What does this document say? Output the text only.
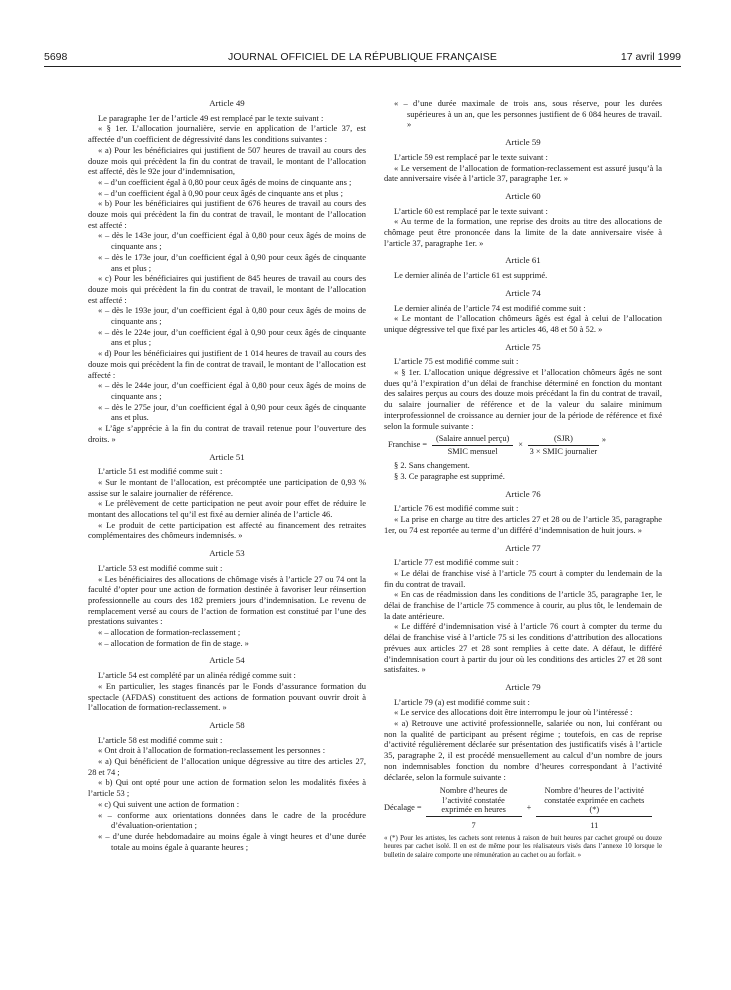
5698	JOURNAL OFFICIEL DE LA RÉPUBLIQUE FRANÇAISE	17 avril 1999
Article 49

Le paragraphe 1er de l’article 49 est remplacé par le texte suivant :

« § 1er. L’allocation journalière, servie en application de l’article 37, est affectée d’un coefficient de dégressivité dans les conditions suivantes :

« a) Pour les bénéficiaires qui justifient de 507 heures de travail au cours des douze mois qui précèdent la fin du contrat de travail, le montant de l’allocation est affecté, dès le 92e jour d’indemnisation,

« – d’un coefficient égal à 0,80 pour ceux âgés de moins de cinquante ans ;

« – d’un coefficient égal à 0,90 pour ceux âgés de cinquante ans et plus ;

« b) Pour les bénéficiaires qui justifient de 676 heures de travail au cours des douze mois qui précèdent la fin du contrat de travail, le montant de l’allocation est affecté :

« – dès le 143e jour, d’un coefficient égal à 0,80 pour ceux âgés de moins de cinquante ans ;

« – dès le 173e jour, d’un coefficient égal à 0,90 pour ceux âgés de cinquante ans et plus ;

« c) Pour les bénéficiaires qui justifient de 845 heures de travail au cours des douze mois qui précèdent la fin du contrat de travail, le montant de l’allocation est affecté :

« – dès le 193e jour, d’un coefficient égal à 0,80 pour ceux âgés de moins de cinquante ans ;

« – dès le 224e jour, d’un coefficient égal à 0,90 pour ceux âgés de cinquante ans et plus ;

« d) Pour les bénéficiaires qui justifient de 1 014 heures de travail au cours des douze mois qui précèdent la fin de contrat de travail, le montant de l’allocation est affecté :

« – dès le 244e jour, d’un coefficient égal à 0,80 pour ceux âgés de moins de cinquante ans ;

« – dès le 275e jour, d’un coefficient égal à 0,90 pour ceux âgés de cinquante ans et plus.

« L’âge s’apprécie à la fin du contrat de travail retenue pour l’ouverture des droits. »

Article 51

L’article 51 est modifié comme suit :

« Sur le montant de l’allocation, est précomptée une participation de 0,93 % assise sur le salaire journalier de référence.

« Le prélèvement de cette participation ne peut avoir pour effet de réduire le montant des allocations tel qu’il est fixé au dernier alinéa de l’article 46.

« Le produit de cette participation est affecté au financement des retraites complémentaires des chômeurs indemnisés. »

Article 53

L’article 53 est modifié comme suit :

« Les bénéficiaires des allocations de chômage visés à l’article 27 ou 74 ont la faculté d’opter pour une action de formation destinée à favoriser leur réinsertion professionnelle au cours des 182 premiers jours d’indemnisation. Le revenu de remplacement versé au cours de l’action de formation est constitué par l’une des prestations suivantes :

« – allocation de formation-reclassement ;

« – allocation de formation de fin de stage. »

Article 54

L’article 54 est complété par un alinéa rédigé comme suit :

« En particulier, les stages financés par le Fonds d’assurance formation du spectacle (AFDAS) constituent des actions de formation pouvant ouvrir droit à l’allocation de formation-reclassement. »

Article 58

L’article 58 est modifié comme suit :

« Ont droit à l’allocation de formation-reclassement les personnes :

« a) Qui bénéficient de l’allocation unique dégressive au titre des articles 27, 28 et 74 ;

« b) Qui ont opté pour une action de formation selon les modalités fixées à l’article 53 ;

« c) Qui suivent une action de formation :

« – conforme aux orientations données dans le cadre de la procédure d’évaluation-orientation ;

« – d’une durée hebdomadaire au moins égale à vingt heures et d’une durée totale au moins égale à quarante heures ;

« – d’une durée maximale de trois ans, sous réserve, pour les durées supérieures à un an, que les personnes justifient de 6 084 heures de travail. »

Article 59

L’article 59 est remplacé par le texte suivant :

« Le versement de l’allocation de formation-reclassement est assuré jusqu’à la date anniversaire visée à l’article 37, paragraphe 1er. »

Article 60

L’article 60 est remplacé par le texte suivant :

« Au terme de la formation, une reprise des droits au titre des allocations de chômage peut être prononcée dans la limite de la date anniversaire visée à l’article 37, paragraphe 1er. »

Article 61

Le dernier alinéa de l’article 61 est supprimé.

Article 74

Le dernier alinéa de l’article 74 est modifié comme suit :

« Le montant de l’allocation chômeurs âgés est égal à celui de l’allocation unique dégressive tel que fixé par les articles 46, 48 et 50 à 52. »

Article 75

L’article 75 est modifié comme suit :

« § 1er. L’allocation unique dégressive et l’allocation chômeurs âgés ne sont dues qu’à l’expiration d’un délai de franchise déterminé en fonction du montant des salaires perçus au cours des douze mois précédant la fin du contrat de travail, du salaire journalier de référence et de la valeur du salaire minimum interprofessionnel de croissance au dernier jour de la période de référence et fixé selon la formule suivante :

Franchise = $\frac{\text{(Salaire annuel perçu)}}{\text{SMIC mensuel}} \times \frac{\text{(SJR)}}{\text{3 × SMIC journalier}}$ »

§ 2. Sans changement.

§ 3. Ce paragraphe est supprimé.

Article 76

L’article 76 est modifié comme suit :

« La prise en charge au titre des articles 27 et 28 ou de l’article 35, paragraphe 1er, ou 74 est reportée au terme d’un différé d’indemnisation de huit jours. »

Article 77

L’article 77 est modifié comme suit :

« Le délai de franchise visé à l’article 75 court à compter du lendemain de la fin du contrat de travail.

« En cas de réadmission dans les conditions de l’article 35, paragraphe 1er, le délai de franchise de l’article 75 commence à courir, au plus tôt, le lendemain de la date antérieure.

« Le différé d’indemnisation visé à l’article 76 court à compter du terme du délai de franchise visé à l’article 75 si les conditions d’attribution des allocations prévues aux articles 27 et 28 sont remplies à cette date. A défaut, le différé d’indemnisation court à partir du jour où les conditions des articles 27 et 28 sont satisfaites. »

Article 79

L’article 79 (a) est modifié comme suit :

« Le service des allocations doit être interrompu le jour où l’intéressé :

« a) Retrouve une activité professionnelle, salariée ou non, lui conférant ou non la qualité de participant au présent régime ; toutefois, en cas de reprise d’activité régulièrement déclarée sur présentation des justificatifs visés à l’article 35, paragraphe 2, il est procédé mensuellement au calcul d’un nombre de jours non indemnisables fonction du nombre d’heures correspondant à l’activité déclarée, selon la formule suivante :

Décalage = $\frac{\text{Nombre d’heures de l’activité constatée exprimée en heures}}{7}$ +
Nombre d’heures de l’activité constatée exprimée en cachets (*)
11

« (*) Pour les artistes, les cachets sont retenus à raison de huit heures par cachet groupé ou douze heures par cachet isolé. Il en est de même pour les réalisateurs visés dans l’annexe 10 lorsque le bulletin de salaire comporte une rémunération au cachet ou au forfait. »
